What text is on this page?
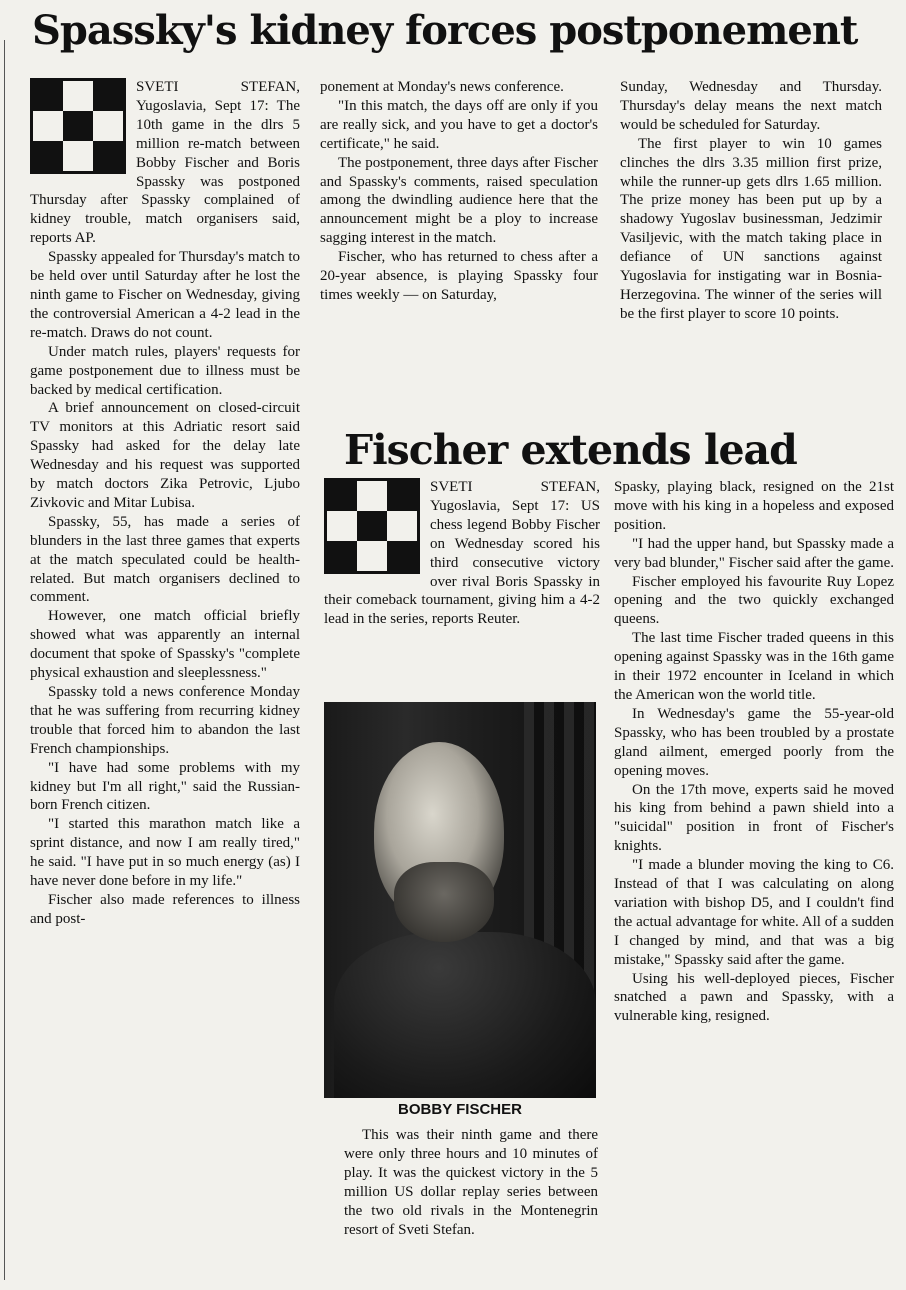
Spassky's kidney forces postponement

SVETI STEFAN, Yugoslavia, Sept 17: The 10th game in the dlrs 5 million re-match between Bobby Fischer and Boris Spassky was postponed Thursday after Spassky complained of kidney trouble, match organisers said, reports AP.

Spassky appealed for Thursday's match to be held over until Saturday after he lost the ninth game to Fischer on Wednesday, giving the controversial American a 4-2 lead in the re-match. Draws do not count.

Under match rules, players' requests for game postponement due to illness must be backed by medical certification.

A brief announcement on closed-circuit TV monitors at this Adriatic resort said Spassky had asked for the delay late Wednesday and his request was supported by match doctors Zika Petrovic, Ljubo Zivkovic and Mitar Lubisa.

Spassky, 55, has made a series of blunders in the last three games that experts at the match speculated could be health-related. But match organisers declined to comment.

However, one match official briefly showed what was apparently an internal document that spoke of Spassky's "complete physical exhaustion and sleeplessness."

Spassky told a news conference Monday that he was suffering from recurring kidney trouble that forced him to abandon the last French championships.

"I have had some problems with my kidney but I'm all right," said the Russian-born French citizen.

"I started this marathon match like a sprint distance, and now I am really tired," he said. "I have put in so much energy (as) I have never done before in my life."

Fischer also made references to illness and post-

ponement at Monday's news conference.

"In this match, the days off are only if you are really sick, and you have to get a doctor's certificate," he said.

The postponement, three days after Fischer and Spassky's comments, raised speculation among the dwindling audience here that the announcement might be a ploy to increase sagging interest in the match.

Fischer, who has returned to chess after a 20-year absence, is playing Spassky four times weekly — on Saturday,

Sunday, Wednesday and Thursday. Thursday's delay means the next match would be scheduled for Saturday.

The first player to win 10 games clinches the dlrs 3.35 million first prize, while the runner-up gets dlrs 1.65 million. The prize money has been put up by a shadowy Yugoslav businessman, Jedzimir Vasiljevic, with the match taking place in defiance of UN sanctions against Yugoslavia for instigating war in Bosnia-Herzegovina. The winner of the series will be the first player to score 10 points.

Fischer extends lead

SVETI STEFAN, Yugoslavia, Sept 17: US chess legend Bobby Fischer on Wednesday scored his third consecutive victory over rival Boris Spassky in their comeback tournament, giving him a 4-2 lead in the series, reports Reuter.

BOBBY FISCHER

This was their ninth game and there were only three hours and 10 minutes of play. It was the quickest victory in the 5 million US dollar replay series between the two old rivals in the Montenegrin resort of Sveti Stefan.

Spasky, playing black, resigned on the 21st move with his king in a hopeless and exposed position.

"I had the upper hand, but Spassky made a very bad blunder," Fischer said after the game.

Fischer employed his favourite Ruy Lopez opening and the two quickly exchanged queens.

The last time Fischer traded queens in this opening against Spassky was in the 16th game in their 1972 encounter in Iceland in which the American won the world title.

In Wednesday's game the 55-year-old Spassky, who has been troubled by a prostate gland ailment, emerged poorly from the opening moves.

On the 17th move, experts said he moved his king from behind a pawn shield into a "suicidal" position in front of Fischer's knights.

"I made a blunder moving the king to C6. Instead of that I was calculating on along variation with bishop D5, and I couldn't find the actual advantage for white. All of a sudden I changed by mind, and that was a big mistake," Spassky said after the game.

Using his well-deployed pieces, Fischer snatched a pawn and Spassky, with a vulnerable king, resigned.
